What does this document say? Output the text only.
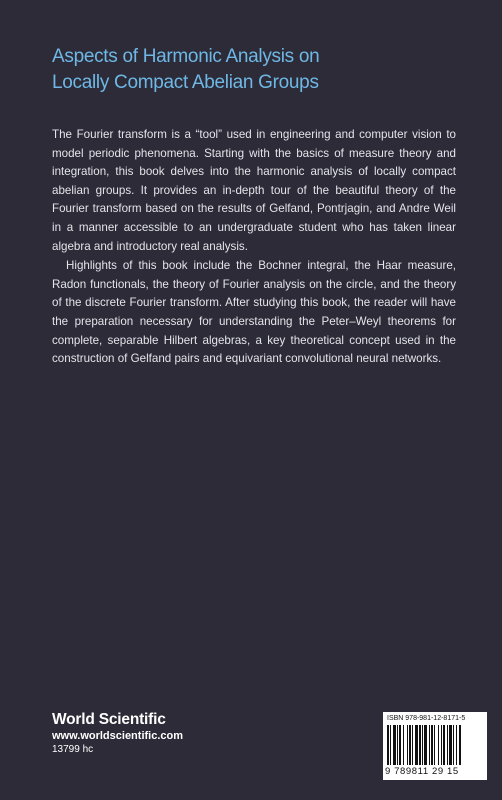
Aspects of Harmonic Analysis on
Locally Compact Abelian Groups

The Fourier transform is a “tool” used in engineering and computer vision to model periodic phenomena. Starting with the basics of measure theory and integration, this book delves into the harmonic analysis of locally compact abelian groups. It provides an in-depth tour of the beautiful theory of the Fourier transform based on the results of Gelfand, Pontrjagin, and Andre Weil in a manner accessible to an undergraduate student who has taken linear algebra and introductory real analysis.

Highlights of this book include the Bochner integral, the Haar measure, Radon functionals, the theory of Fourier analysis on the circle, and the theory of the discrete Fourier transform. After studying this book, the reader will have the preparation necessary for understanding the Peter–Weyl theorems for complete, separable Hilbert algebras, a key theoretical concept used in the construction of Gelfand pairs and equivariant convolutional neural networks.

World Scientific
www.worldscientific.com
13799 hc
ISBN 978-981-12-8171-5
9 789811 29 15
